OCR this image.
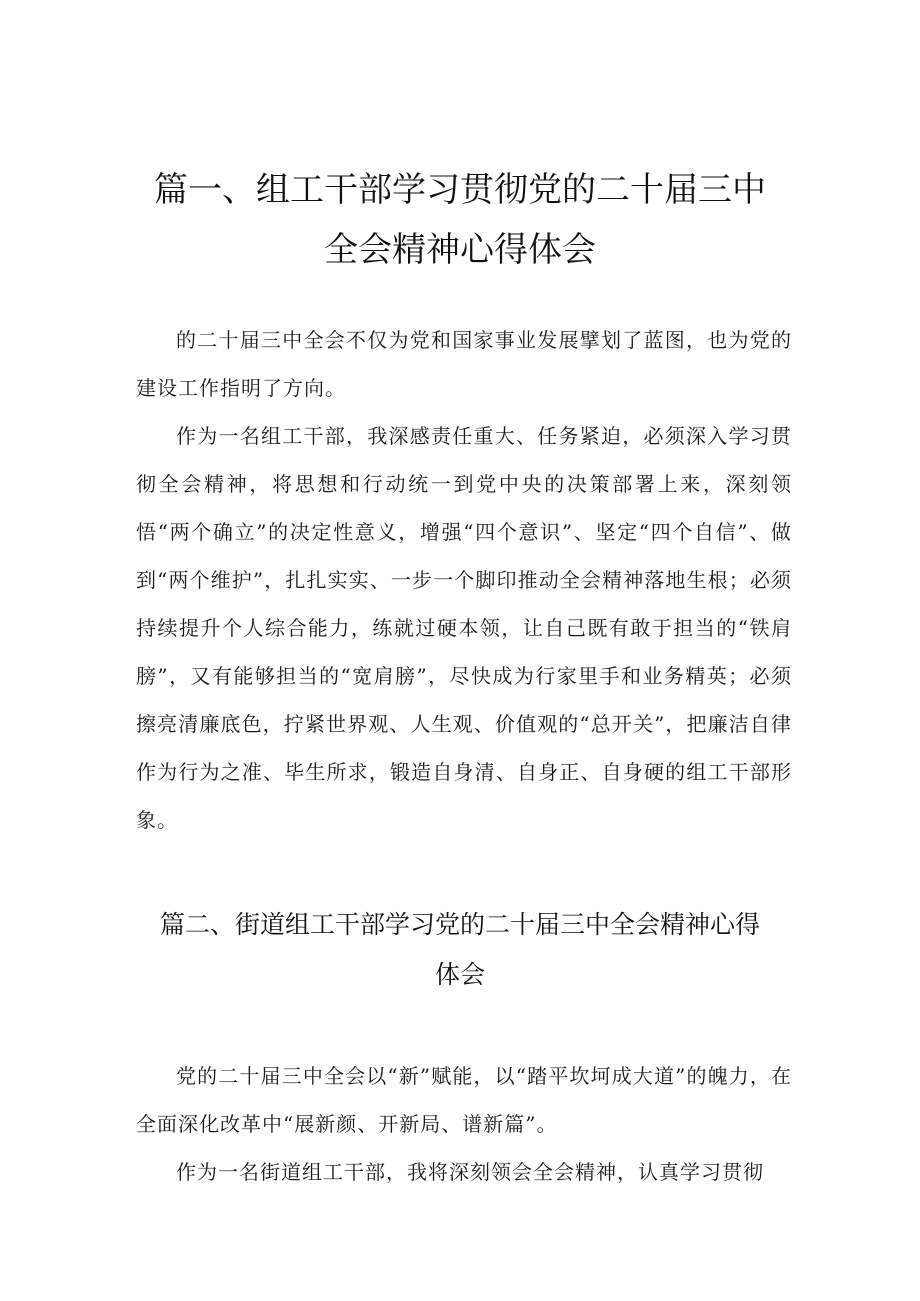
篇一、组工干部学习贯彻党的二十届三中全会精神心得体会

的二十届三中全会不仅为党和国家事业发展擘划了蓝图，也为党的建设工作指明了方向。

作为一名组工干部，我深感责任重大、任务紧迫，必须深入学习贯彻全会精神，将思想和行动统一到党中央的决策部署上来，深刻领悟“两个确立”的决定性意义，增强“四个意识”、坚定“四个自信”、做到“两个维护”，扎扎实实、一步一个脚印推动全会精神落地生根；必须持续提升个人综合能力，练就过硬本领，让自己既有敢于担当的“铁肩膀”，又有能够担当的“宽肩膀”，尽快成为行家里手和业务精英；必须擦亮清廉底色，拧紧世界观、人生观、价值观的“总开关”，把廉洁自律作为行为之准、毕生所求，锻造自身清、自身正、自身硬的组工干部形象。

篇二、街道组工干部学习党的二十届三中全会精神心得体会

党的二十届三中全会以“新”赋能，以“踏平坎坷成大道”的魄力，在全面深化改革中“展新颜、开新局、谱新篇”。

作为一名街道组工干部，我将深刻领会全会精神，认真学习贯彻
